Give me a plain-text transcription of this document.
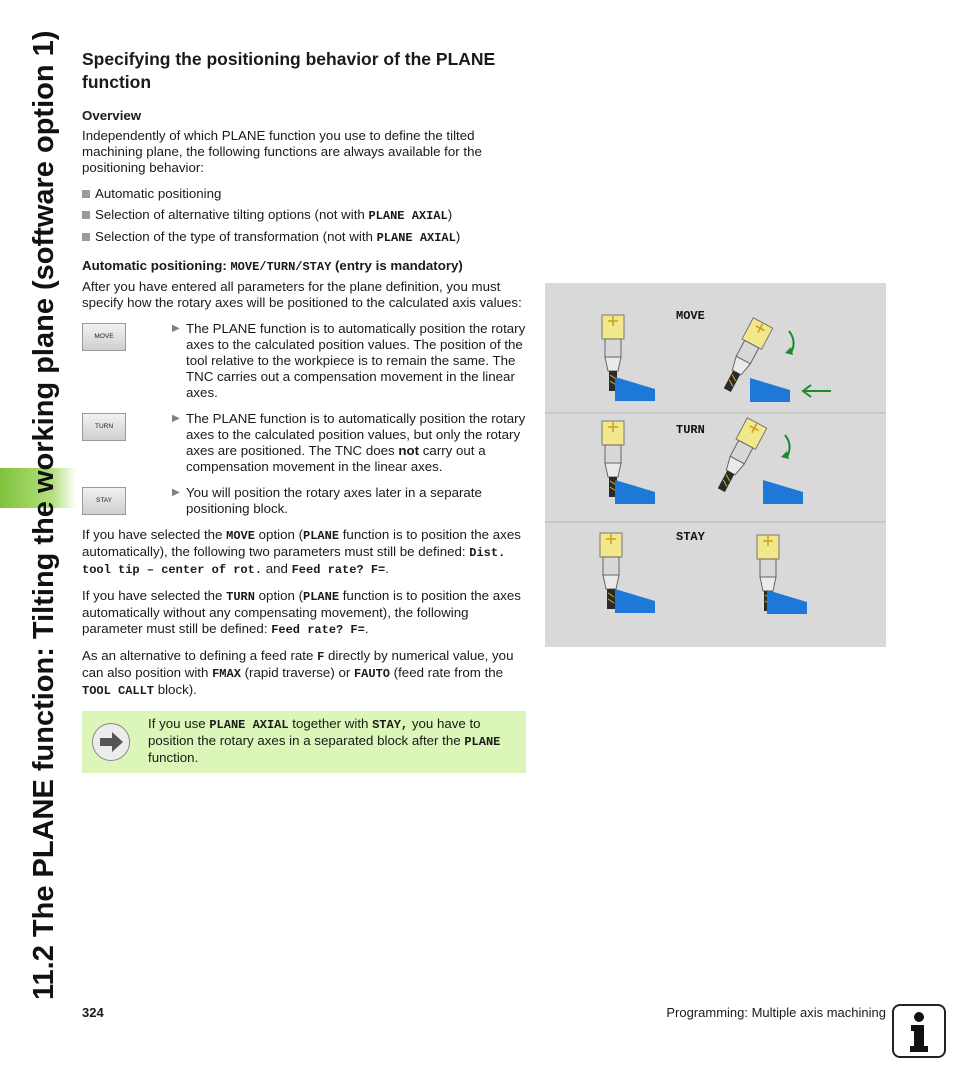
11.2 The PLANE function: Tilting the working plane (software option 1) Specifying the positioning behavior of the PLANE function
Overview

Independently of which PLANE function you use to define the tilted machining plane, the following functions are always available for the positioning behavior:

Automatic positioning
Selection of alternative tilting options (not with PLANE AXIAL)
Selection of the type of transformation (not with PLANE AXIAL)
Automatic positioning: MOVE/TURN/STAY (entry is mandatory)

After you have entered all parameters for the plane definition, you must specify how the rotary axes will be positioned to the calculated axis values:

MOVE
▶ The PLANE function is to automatically position the rotary axes to the calculated position values. The position of the tool relative to the workpiece is to remain the same. The TNC carries out a compensation movement in the linear axes.
TURN
▶ The PLANE function is to automatically position the rotary axes to the calculated position values, but only the rotary axes are positioned. The TNC does not carry out a compensation movement in the linear axes.
STAY
▶ You will position the rotary axes later in a separate positioning block.

If you have selected the MOVE option (PLANE function is to position the axes automatically), the following two parameters must still be defined: Dist. tool tip – center of rot. and Feed rate? F=.

If you have selected the TURN option (PLANE function is to position the axes automatically without any compensating movement), the following parameter must still be defined: Feed rate? F=.

As an alternative to defining a feed rate F directly by numerical value, you can also position with FMAX (rapid traverse) or FAUTO (feed rate from the TOOL CALLT block).

If you use PLANE AXIAL together with STAY, you have to position the rotary axes in a separated block after the PLANE function.
MOVE
TURN
STAY
324	Programming: Multiple axis machining
